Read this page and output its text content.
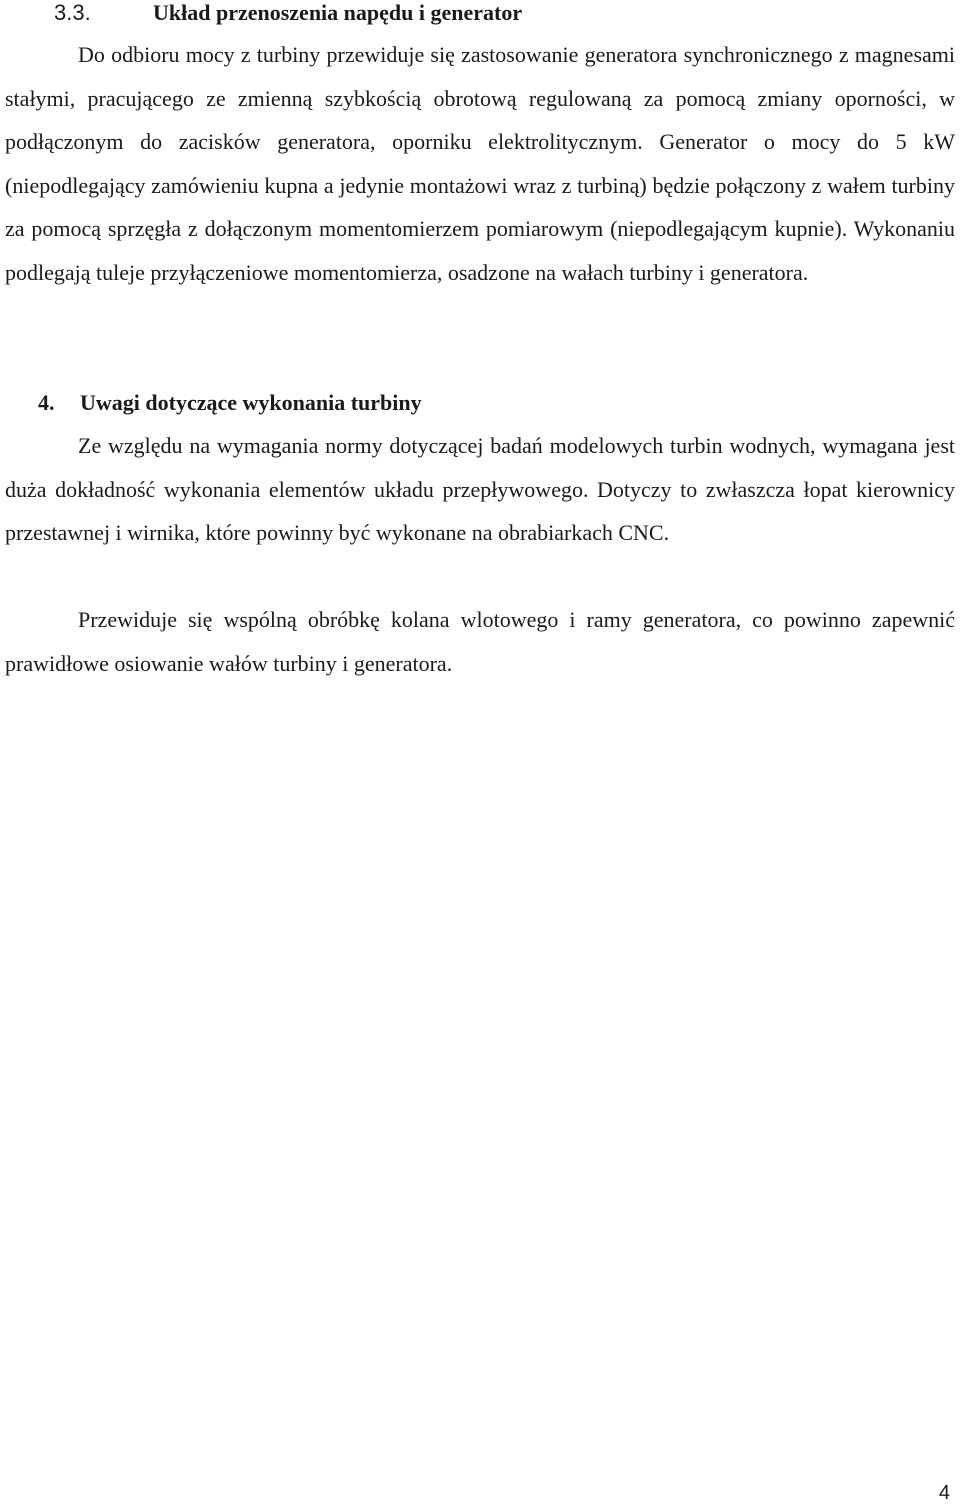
3.3.	Układ przenoszenia napędu i generator

Do odbioru mocy z turbiny przewiduje się zastosowanie generatora synchronicznego z magnesami stałymi, pracującego ze zmienną szybkością obrotową regulowaną za pomocą zmiany oporności, w podłączonym do zacisków generatora, oporniku elektrolitycznym. Generator o mocy do 5 kW (niepodlegający zamówieniu kupna a jedynie montażowi wraz z turbiną) będzie połączony z wałem turbiny za pomocą sprzęgła z dołączonym momentomierzem pomiarowym (niepodlegającym kupnie). Wykonaniu podlegają tuleje przyłączeniowe momentomierza, osadzone na wałach turbiny i generatora.

4. Uwagi dotyczące wykonania turbiny

Ze względu na wymagania normy dotyczącej badań modelowych turbin wodnych, wymagana jest duża dokładność wykonania elementów układu przepływowego. Dotyczy to zwłaszcza łopat kierownicy przestawnej i wirnika, które powinny być wykonane na obrabiarkach CNC.

Przewiduje się wspólną obróbkę kolana wlotowego i ramy generatora, co powinno zapewnić prawidłowe osiowanie wałów turbiny i generatora.

4
